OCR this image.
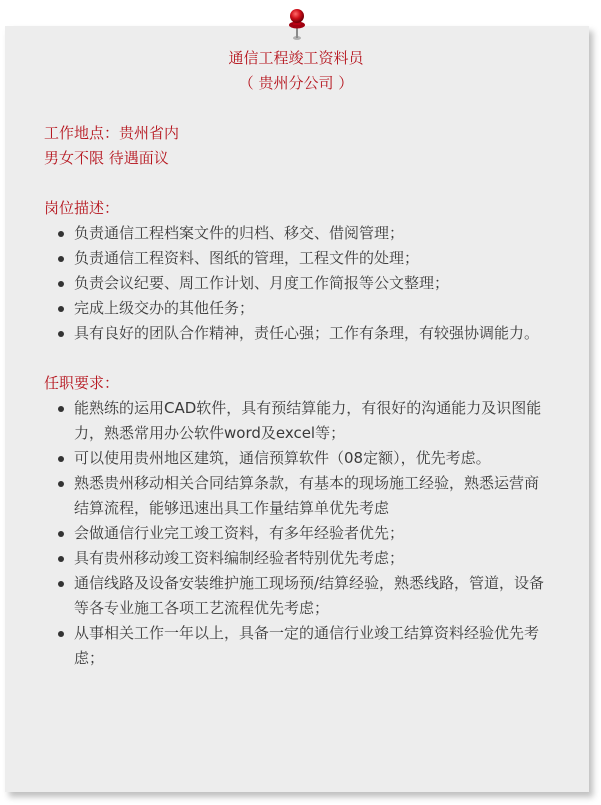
通信工程竣工资料员
（ 贵州分公司 ）
工作地点：贵州省内
男女不限 待遇面议
岗位描述：
负责通信工程档案文件的归档、移交、借阅管理；
负责通信工程资料、图纸的管理，工程文件的处理；
负责会议纪要、周工作计划、月度工作简报等公文整理；
完成上级交办的其他任务；
具有良好的团队合作精神，责任心强；工作有条理，有较强协调能力。
任职要求：
能熟练的运用CAD软件，具有预结算能力，有很好的沟通能力及识图能力，熟悉常用办公软件word及excel等；
可以使用贵州地区建筑，通信预算软件（08定额），优先考虑。
熟悉贵州移动相关合同结算条款，有基本的现场施工经验，熟悉运营商结算流程，能够迅速出具工作量结算单优先考虑
会做通信行业完工竣工资料，有多年经验者优先；
具有贵州移动竣工资料编制经验者特别优先考虑；
通信线路及设备安装维护施工现场预/结算经验，熟悉线路，管道，设备等各专业施工各项工艺流程优先考虑；
从事相关工作一年以上，具备一定的通信行业竣工结算资料经验优先考虑；
